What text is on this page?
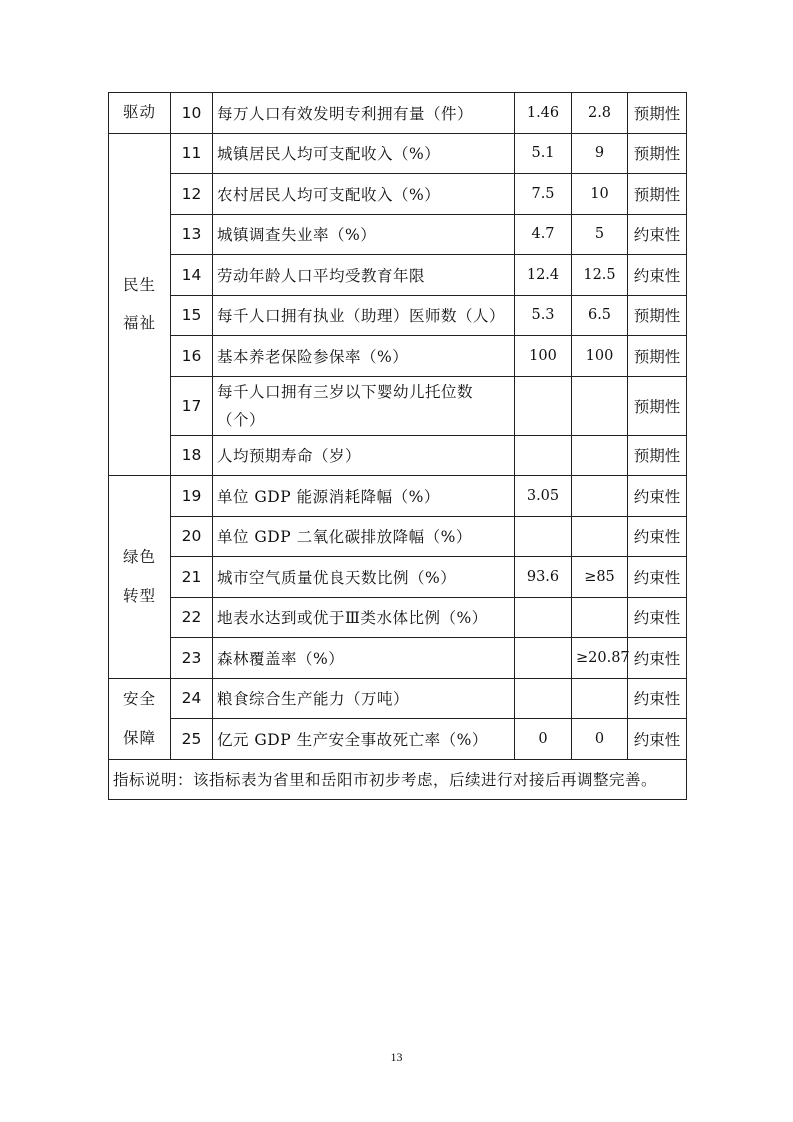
驱动	10	每万人口有效发明专利拥有量（件）	1.46	2.8	预期性

民生
福祉	11	城镇居民人均可支配收入（%）	5.1	9	预期性
	12	农村居民人均可支配收入（%）	7.5	10	预期性
	13	城镇调查失业率（%）	4.7	5	约束性
	14	劳动年龄人口平均受教育年限	12.4	12.5	约束性
	15	每千人口拥有执业（助理）医师数（人）	5.3	6.5	预期性
	16	基本养老保险参保率（%）	100	100	预期性
	17	每千人口拥有三岁以下婴幼儿托位数（个）			预期性
	18	人均预期寿命（岁）			预期性

绿色
转型	19	单位 GDP 能源消耗降幅（%）	3.05		约束性
	20	单位 GDP 二氧化碳排放降幅（%）			约束性
	21	城市空气质量优良天数比例（%）	93.6	≥85	约束性
	22	地表水达到或优于Ⅲ类水体比例（%）			约束性
	23	森林覆盖率（%）		≥20.87	约束性

安全
保障	24	粮食综合生产能力（万吨）			约束性
	25	亿元 GDP 生产安全事故死亡率（%）	0	0	约束性
指标说明：该指标表为省里和岳阳市初步考虑，后续进行对接后再调整完善。					
13
